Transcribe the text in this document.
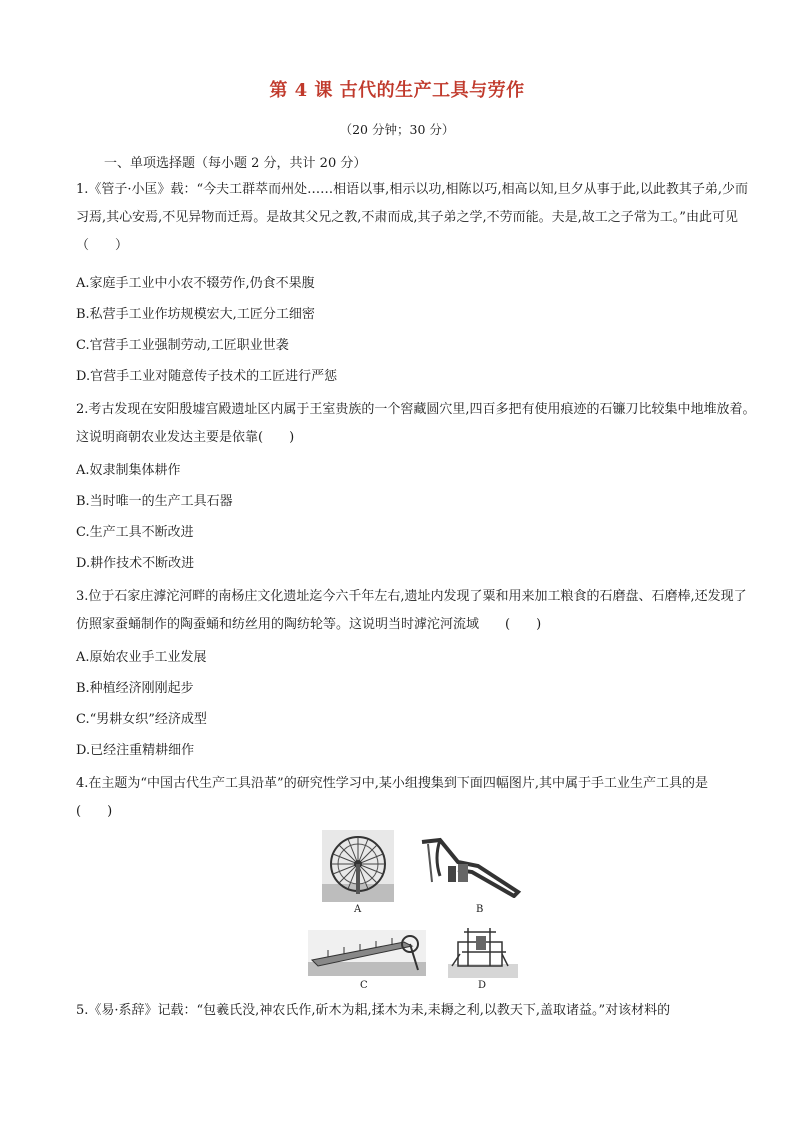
第 4 课 古代的生产工具与劳作
（20 分钟；30 分）
一、单项选择题（每小题 2 分，共计 20 分）
1.《管子·小匡》载：“今夫工群萃而州处……相语以事,相示以功,相陈以巧,相高以知,旦夕从事于此,以此教其子弟,少而习焉,其心安焉,不见异物而迁焉。是故其父兄之教,不肃而成,其子弟之学,不劳而能。夫是,故工之子常为工。”由此可见（　　）
A.家庭手工业中小农不辍劳作,仍食不果腹
B.私营手工业作坊规模宏大,工匠分工细密
C.官营手工业强制劳动,工匠职业世袭
D.官营手工业对随意传子技术的工匠进行严惩
2.考古发现在安阳殷墟宫殿遗址区内属于王室贵族的一个窖藏圆穴里,四百多把有使用痕迹的石镰刀比较集中地堆放着。这说明商朝农业发达主要是依靠(　　)
A.奴隶制集体耕作
B.当时唯一的生产工具石器
C.生产工具不断改进
D.耕作技术不断改进
3.位于石家庄滹沱河畔的南杨庄文化遗址迄今六千年左右,遗址内发现了粟和用来加工粮食的石磨盘、石磨棒,还发现了仿照家蚕蛹制作的陶蚕蛹和纺丝用的陶纺轮等。这说明当时滹沱河流域　　(　　)
A.原始农业手工业发展
B.种植经济刚刚起步
C.“男耕女织”经济成型
D.已经注重精耕细作
4.在主题为“中国古代生产工具沿革”的研究性学习中,某小组搜集到下面四幅图片,其中属于手工业生产工具的是　(　　)
A	B
C	D
5.《易·系辞》记载：“包羲氏没,神农氏作,斫木为耜,揉木为耒,耒耨之利,以教天下,盖取诸益。”对该材料的
